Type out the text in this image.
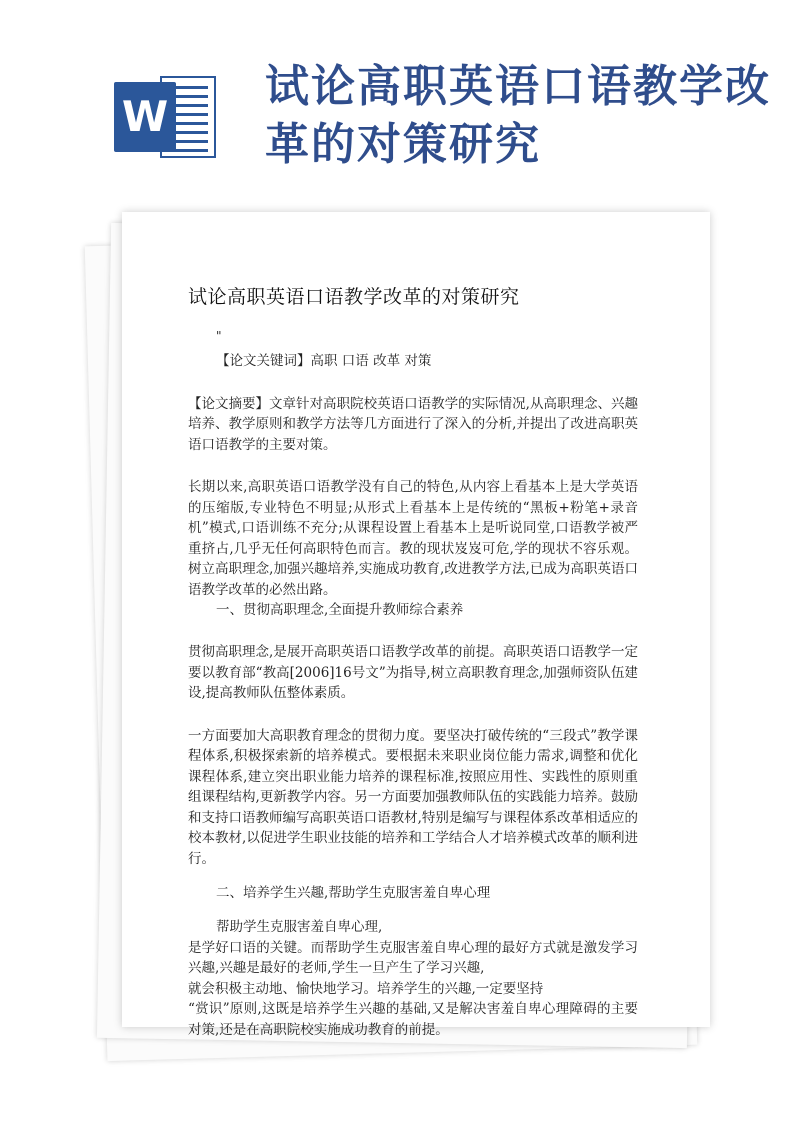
W
试论高职英语口语教学改革的对策研究
试论高职英语口语教学改革的对策研究
"

【论文关键词】高职 口语 改革 对策

【论文摘要】文章针对高职院校英语口语教学的实际情况,从高职理念、兴趣培养、教学原则和教学方法等几方面进行了深入的分析,并提出了改进高职英语口语教学的主要对策。

长期以来,高职英语口语教学没有自己的特色,从内容上看基本上是大学英语的压缩版,专业特色不明显;从形式上看基本上是传统的“黑板+粉笔+录音机”模式,口语训练不充分;从课程设置上看基本上是听说同堂,口语教学被严重挤占,几乎无任何高职特色而言。教的现状岌岌可危,学的现状不容乐观。树立高职理念,加强兴趣培养,实施成功教育,改进教学方法,已成为高职英语口语教学改革的必然出路。

一、贯彻高职理念,全面提升教师综合素养

贯彻高职理念,是展开高职英语口语教学改革的前提。高职英语口语教学一定要以教育部“教高[2006]16号文”为指导,树立高职教育理念,加强师资队伍建设,提高教师队伍整体素质。

一方面要加大高职教育理念的贯彻力度。要坚决打破传统的“三段式”教学课程体系,积极探索新的培养模式。要根据未来职业岗位能力需求,调整和优化课程体系,建立突出职业能力培养的课程标准,按照应用性、实践性的原则重组课程结构,更新教学内容。另一方面要加强教师队伍的实践能力培养。鼓励和支持口语教师编写高职英语口语教材,特别是编写与课程体系改革相适应的校本教材,以促进学生职业技能的培养和工学结合人才培养模式改革的顺利进行。

二、培养学生兴趣,帮助学生克服害羞自卑心理

帮助学生克服害羞自卑心理,

是学好口语的关键。而帮助学生克服害羞自卑心理的最好方式就是激发学习兴趣,兴趣是最好的老师,学生一旦产生了学习兴趣,

就会积极主动地、愉快地学习。培养学生的兴趣,一定要坚持

“赏识”原则,这既是培养学生兴趣的基础,又是解决害羞自卑心理障碍的主要对策,还是在高职院校实施成功教育的前提。
